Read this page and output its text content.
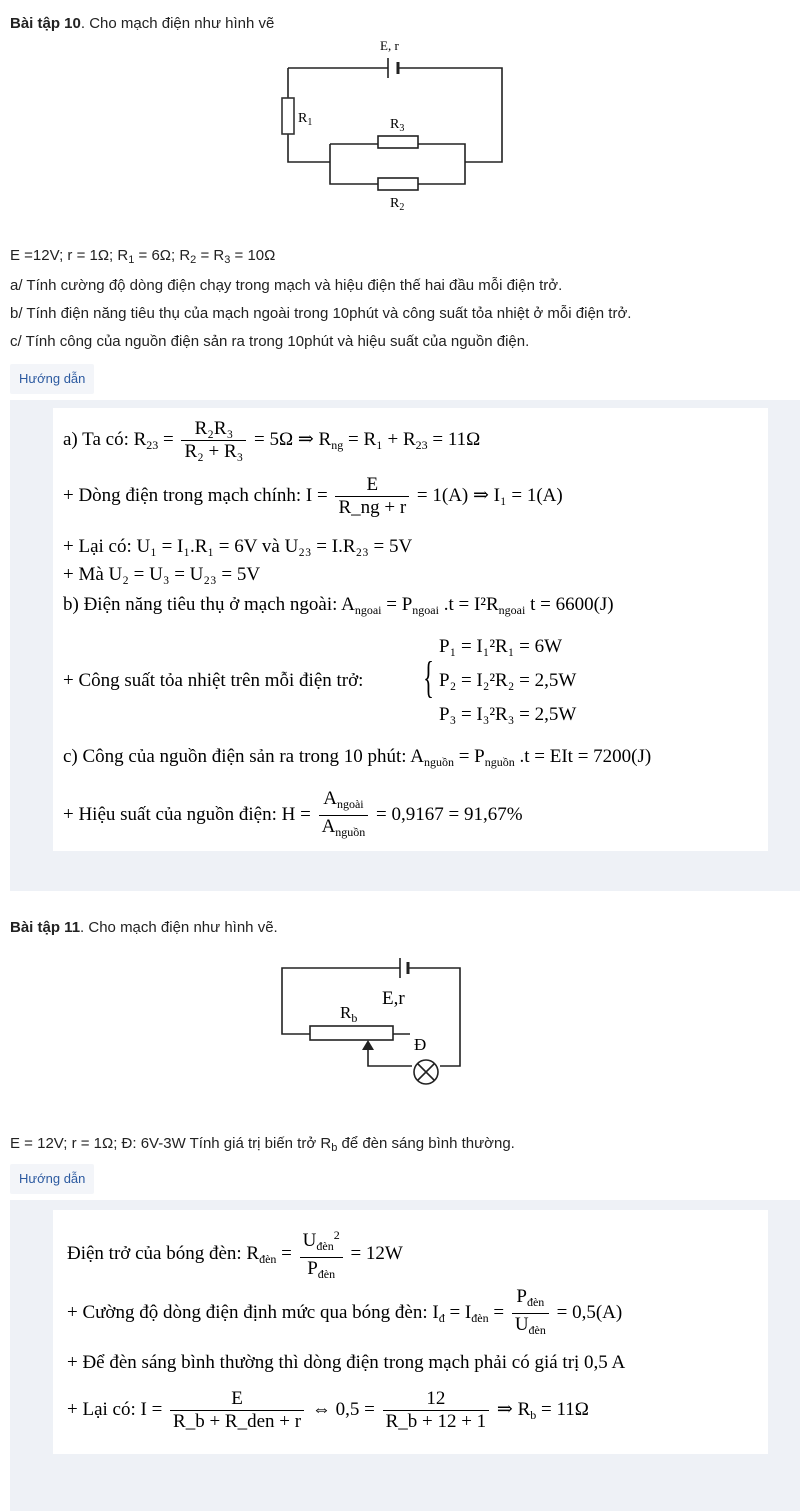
Bài tập 10. Cho mạch điện như hình vẽ
E, r
$R_1$	$R_3$
$R_2$
E =12V; r = 1Ω; $R_1 = 6\Omega$; $R_2 = R_3 = 10\Omega$
a/ Tính cường độ dòng điện chạy trong mạch và hiệu điện thế hai đầu mỗi điện trở.
b/ Tính điện năng tiêu thụ của mạch ngoài trong 10phút và công suất tỏa nhiệt ở mỗi điện trở.
c/ Tính công của nguồn điện sản ra trong 10phút và hiệu suất của nguồn điện.
Hướng dẫn
a) Ta có: $R_{23} = \frac{\text{R₂R₃}}{\text{R₂ + R₃}} = 5\Omega$ ⇒ $R_{ng} = R_1 + R_{23} = 11\Omega$
+ Dòng điện trong mạch chính: $I = \frac{E}{R\_ng + r} = 1(A)$ ⇒ I₁ = 1(A)
+ Lại có: U₁ = I₁.R₁ = 6V và U₂₃ = I.R₂₃ = 5V
+ Mà U₂ = U₃ = U₂₃ = 5V
b) Điện năng tiêu thụ ở mạch ngoài: $A_{ngoai} = P_{ngoai}$ $.t = I^2R_{ngoai}$ t = 6600(J)
+ Công suất tỏa nhiệt trên mỗi điện trở: {
P₁ = I₁²R₁ = 6W
P₂ = I₂²R₂ = 2,5W
P₃ = I₃²R₃ = 2,5W
c) Công của nguồn điện sản ra trong 10 phút: $A_{nguồn} = P_{nguồn}$ .t = EIt = 7200(J)
+ Hiệu suất của nguồn điện: $H = \frac{A_{ngoài}}{A_{nguồn}} = 0,9167 = 91,67\%$
Bài tập 11. Cho mạch điện như hình vẽ.
E,r
$R_b$
Đ
E = 12V; r = 1Ω; Đ: 6V-3W Tính giá trị biến trở $R_b$ để đèn sáng bình thường.
Hướng dẫn
Điện trở của bóng đèn: $R_{đèn} = \frac{U_{đèn}^2}{P_{đèn}} = 12W$
+ Cường độ dòng điện định mức qua bóng đèn: $I_đ = I_{đèn} = \frac{P_{đèn}}{U_{đèn}} = 0,5(A)$
+ Để đèn sáng bình thường thì dòng điện trong mạch phải có giá trị 0,5 A
+ Lại có: $I = \frac{E}{\text{R\_b + R\_den + r}}$ ⇔ $0,5 = \frac{12}{R\_b + 12 + 1}$ ⇒ $R_b = 11\Omega$
